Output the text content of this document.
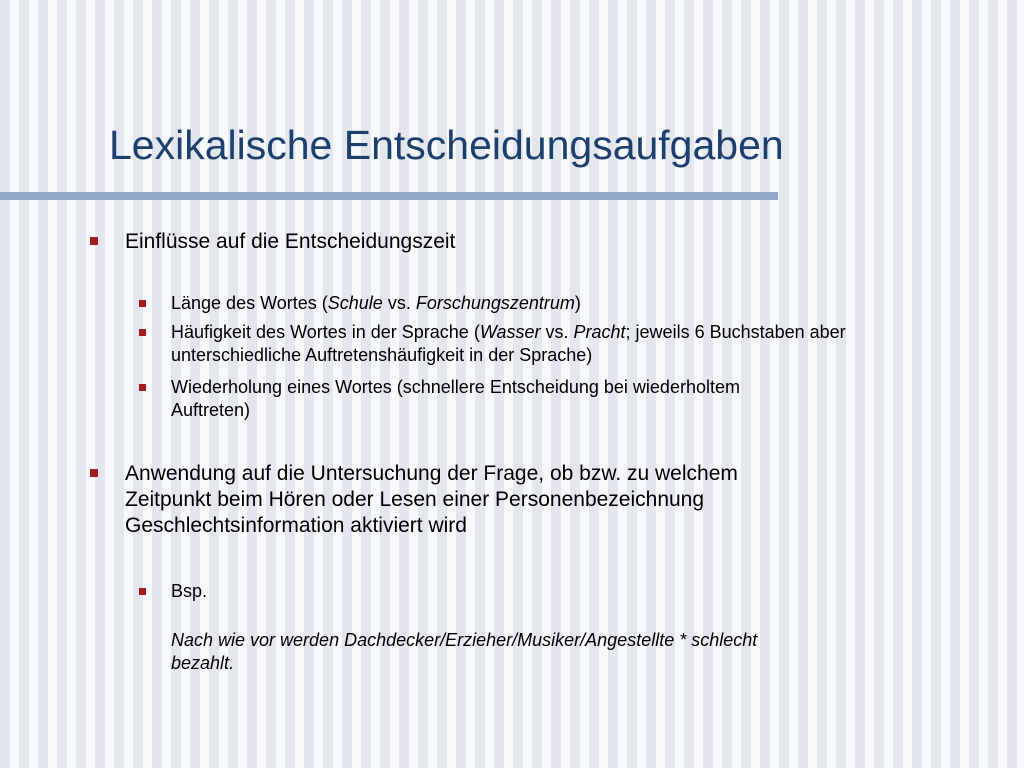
Lexikalische Entscheidungsaufgaben
Einflüsse auf die Entscheidungszeit
Länge des Wortes (Schule vs. Forschungszentrum)
Häufigkeit des Wortes in der Sprache (Wasser vs. Pracht; jeweils 6 Buchstaben aber unterschiedliche Auftretenshäufigkeit in der Sprache)
Wiederholung eines Wortes (schnellere Entscheidung bei wiederholtem
Auftreten)
Anwendung auf die Untersuchung der Frage, ob bzw. zu welchem
Zeitpunkt beim Hören oder Lesen einer Personenbezeichnung
Geschlechtsinformation aktiviert wird
Bsp.
Nach wie vor werden Dachdecker/Erzieher/Musiker/Angestellte * schlecht
bezahlt.
